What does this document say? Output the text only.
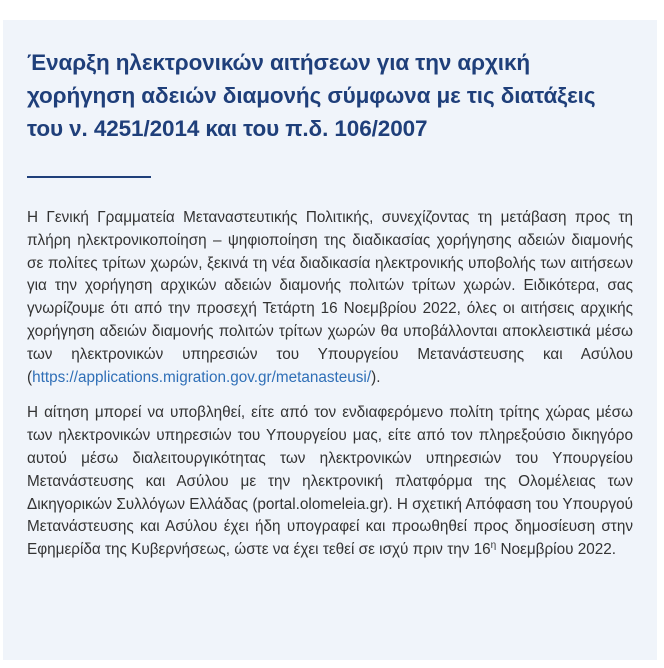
Έναρξη ηλεκτρονικών αιτήσεων για την αρχική χορήγηση αδειών διαμονής σύμφωνα με τις διατάξεις του ν. 4251/2014 και του π.δ. 106/2007

Η Γενική Γραμματεία Μεταναστευτικής Πολιτικής, συνεχίζοντας τη μετάβαση προς τη πλήρη ηλεκτρονικοποίηση – ψηφιοποίηση της διαδικασίας χορήγησης αδειών διαμονής σε πολίτες τρίτων χωρών, ξεκινά τη νέα διαδικασία ηλεκτρονικής υποβολής των αιτήσεων για την χορήγηση αρχικών αδειών διαμονής πολιτών τρίτων χωρών. Ειδικότερα, σας γνωρίζουμε ότι από την προσεχή Τετάρτη 16 Νοεμβρίου 2022, όλες οι αιτήσεις αρχικής χορήγηση αδειών διαμονής πολιτών τρίτων χωρών θα υποβάλλονται αποκλειστικά μέσω των ηλεκτρονικών υπηρεσιών του Υπουργείου Μετανάστευσης και Ασύλου (https://applications.migration.gov.gr/metanasteusi/).

Η αίτηση μπορεί να υποβληθεί, είτε από τον ενδιαφερόμενο πολίτη τρίτης χώρας μέσω των ηλεκτρονικών υπηρεσιών του Υπουργείου μας, είτε από τον πληρεξούσιο δικηγόρο αυτού μέσω διαλειτουργικότητας των ηλεκτρονικών υπηρεσιών του Υπουργείου Μετανάστευσης και Ασύλου με την ηλεκτρονική πλατφόρμα της Ολομέλειας των Δικηγορικών Συλλόγων Ελλάδας (portal.olomeleia.gr). Η σχετική Απόφαση του Υπουργού Μετανάστευσης και Ασύλου έχει ήδη υπογραφεί και προωθηθεί προς δημοσίευση στην Εφημερίδα της Κυβερνήσεως, ώστε να έχει τεθεί σε ισχύ πριν την $16^\eta$ Νοεμβρίου 2022.
